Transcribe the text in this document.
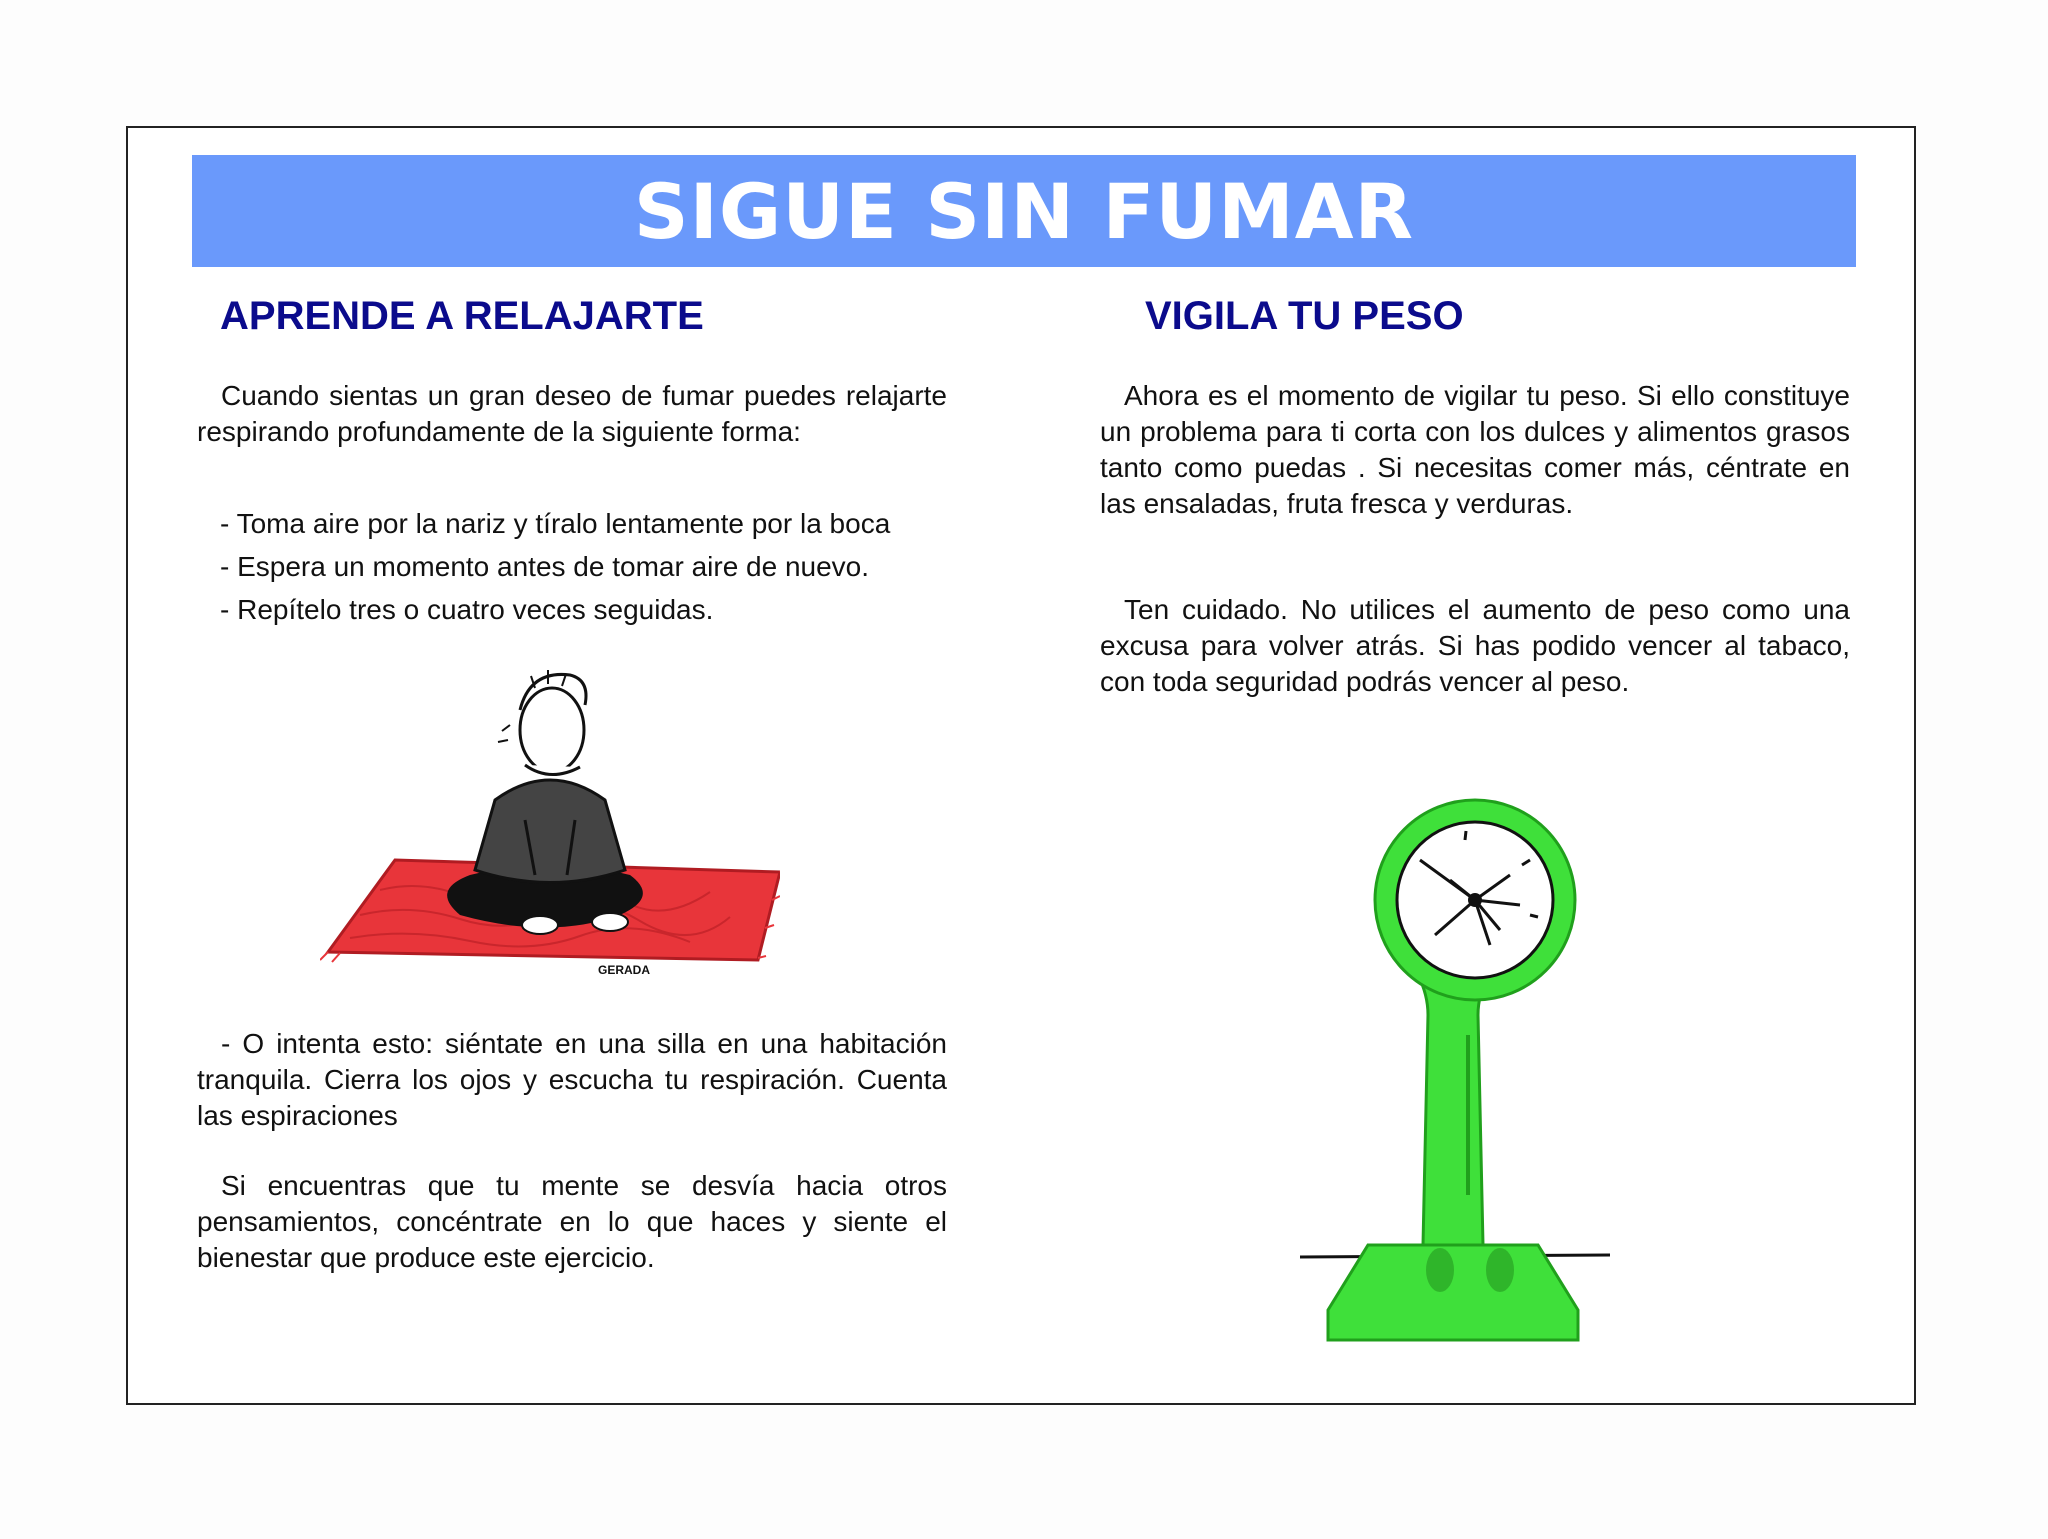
SIGUE SIN FUMAR
APRENDE A RELAJARTE

Cuando sientas un gran deseo de fumar puedes relajarte respirando profundamente de la siguiente forma:

- Toma aire por la nariz y tíralo lentamente por la boca

- Espera un momento antes de tomar aire de nuevo.

- Repítelo tres o cuatro veces seguidas.

GERADA

- O intenta esto: siéntate en una silla en una habitación tranquila. Cierra los ojos y escucha tu respiración. Cuenta las espiraciones

Si encuentras que tu mente se desvía hacia otros pensamientos, concéntrate en lo que haces y siente el bienestar que produce este ejercicio.

VIGILA TU PESO

Ahora es el momento de vigilar tu peso. Si ello constituye un problema para ti corta con los dulces y alimentos grasos tanto como puedas . Si necesitas comer más, céntrate en las ensaladas, fruta fresca y verduras.

Ten cuidado. No utilices el aumento de peso como una excusa para volver atrás. Si has podido vencer al tabaco, con toda seguridad podrás vencer al peso.
